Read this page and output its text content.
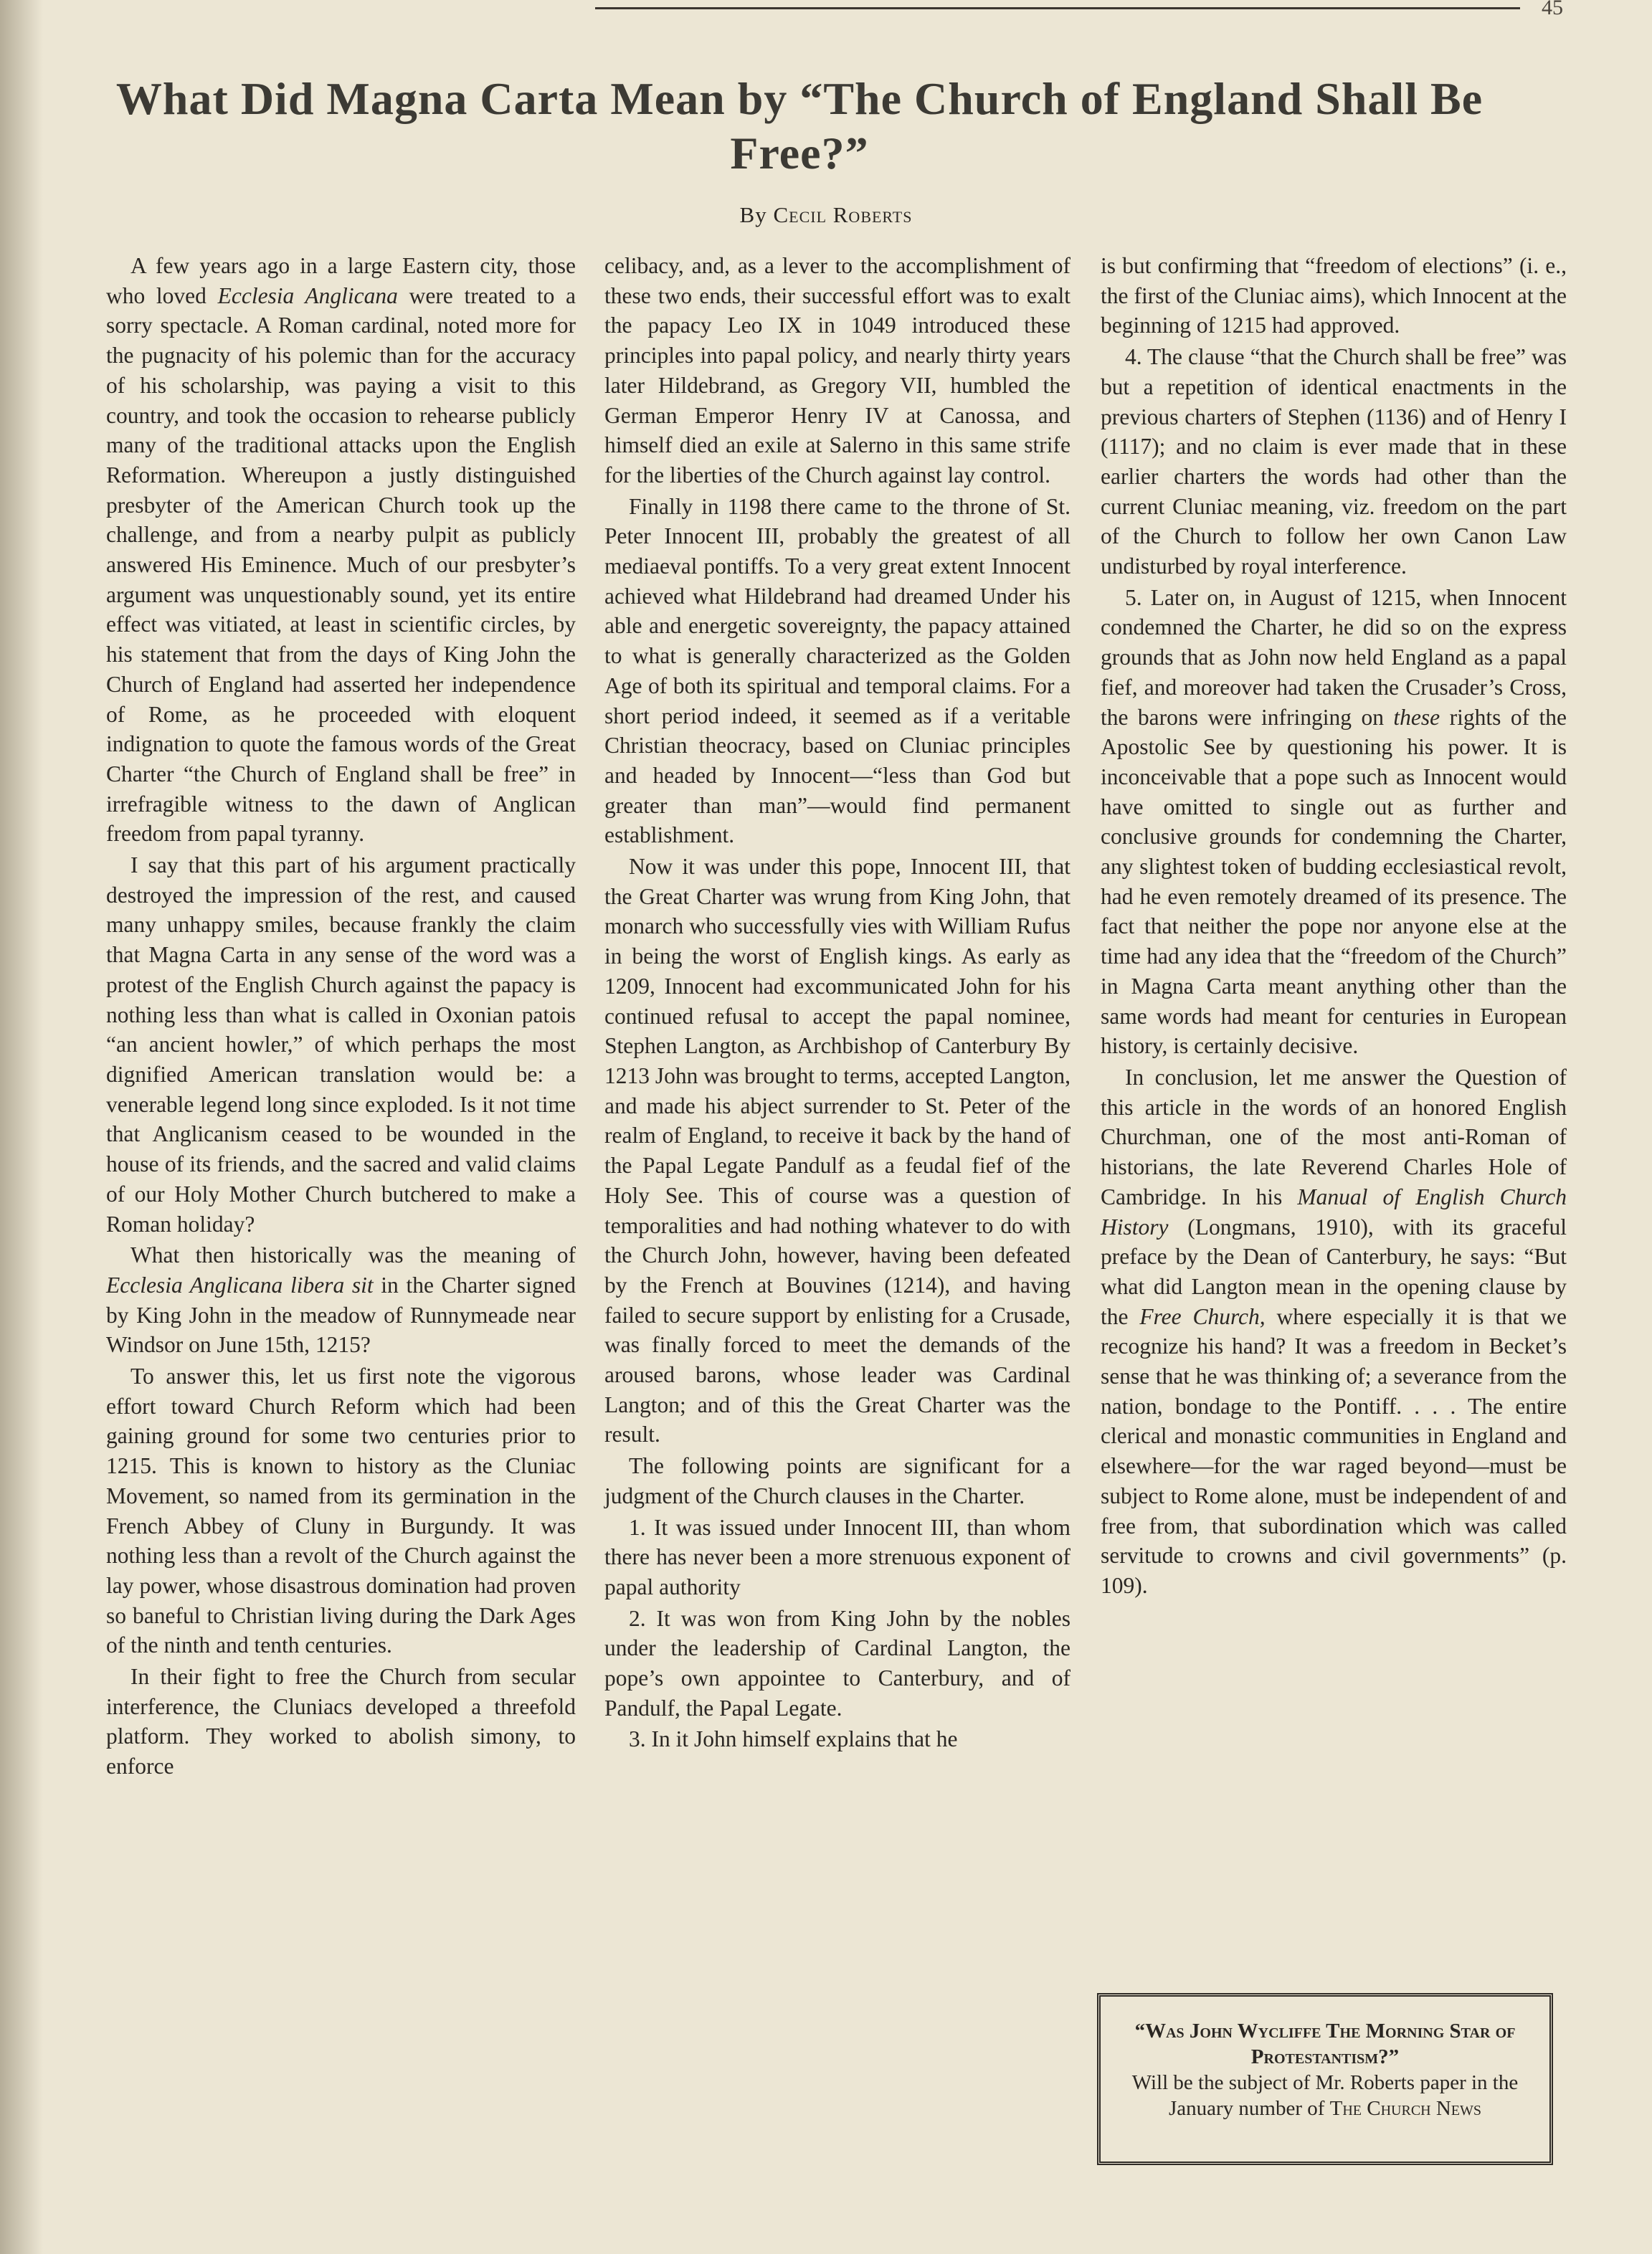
45
What Did Magna Carta Mean by “The Church of England Shall Be Free?”
By Cecil Roberts

A few years ago in a large Eastern city, those who loved Ecclesia Anglicana were treated to a sorry spectacle. A Roman cardinal, noted more for the pugnacity of his polemic than for the accuracy of his scholarship, was paying a visit to this country, and took the occasion to rehearse publicly many of the traditional attacks upon the English Reformation. Whereupon a justly distinguished presbyter of the American Church took up the challenge, and from a nearby pulpit as publicly answered His Eminence. Much of our presbyter’s argument was unquestionably sound, yet its entire effect was vitiated, at least in scientific circles, by his statement that from the days of King John the Church of England had asserted her independence of Rome, as he proceeded with eloquent indignation to quote the famous words of the Great Charter “the Church of England shall be free” in irrefragible witness to the dawn of Anglican freedom from papal tyranny.

I say that this part of his argument practically destroyed the impression of the rest, and caused many unhappy smiles, because frankly the claim that Magna Carta in any sense of the word was a protest of the English Church against the papacy is nothing less than what is called in Oxonian patois “an ancient howler,” of which perhaps the most dignified American translation would be: a venerable legend long since exploded. Is it not time that Anglicanism ceased to be wounded in the house of its friends, and the sacred and valid claims of our Holy Mother Church butchered to make a Roman holiday?

What then historically was the meaning of Ecclesia Anglicana libera sit in the Charter signed by King John in the meadow of Runnymeade near Windsor on June 15th, 1215?

To answer this, let us first note the vigorous effort toward Church Reform which had been gaining ground for some two centuries prior to 1215. This is known to history as the Cluniac Movement, so named from its germination in the French Abbey of Cluny in Burgundy. It was nothing less than a revolt of the Church against the lay power, whose disastrous domination had proven so baneful to Christian living during the Dark Ages of the ninth and tenth centuries.

In their fight to free the Church from secular interference, the Cluniacs developed a threefold platform. They worked to abolish simony, to enforce

celibacy, and, as a lever to the accomplishment of these two ends, their successful effort was to exalt the papacy Leo IX in 1049 introduced these principles into papal policy, and nearly thirty years later Hildebrand, as Gregory VII, humbled the German Emperor Henry IV at Canossa, and himself died an exile at Salerno in this same strife for the liberties of the Church against lay control.

Finally in 1198 there came to the throne of St. Peter Innocent III, probably the greatest of all mediaeval pontiffs. To a very great extent Innocent achieved what Hildebrand had dreamed Under his able and energetic sovereignty, the papacy attained to what is generally characterized as the Golden Age of both its spiritual and temporal claims. For a short period indeed, it seemed as if a veritable Christian theocracy, based on Cluniac principles and headed by Innocent—“less than God but greater than man”—would find permanent establishment.

Now it was under this pope, Innocent III, that the Great Charter was wrung from King John, that monarch who successfully vies with William Rufus in being the worst of English kings. As early as 1209, Innocent had excommunicated John for his continued refusal to accept the papal nominee, Stephen Langton, as Archbishop of Canterbury By 1213 John was brought to terms, accepted Langton, and made his abject surrender to St. Peter of the realm of England, to receive it back by the hand of the Papal Legate Pandulf as a feudal fief of the Holy See. This of course was a question of temporalities and had nothing whatever to do with the Church John, however, having been defeated by the French at Bouvines (1214), and having failed to secure support by enlisting for a Crusade, was finally forced to meet the demands of the aroused barons, whose leader was Cardinal Langton; and of this the Great Charter was the result.

The following points are significant for a judgment of the Church clauses in the Charter.

1. It was issued under Innocent III, than whom there has never been a more strenuous exponent of papal authority

2. It was won from King John by the nobles under the leadership of Cardinal Langton, the pope’s own appointee to Canterbury, and of Pandulf, the Papal Legate.

3. In it John himself explains that he

is but confirming that “freedom of elections” (i. e., the first of the Cluniac aims), which Innocent at the beginning of 1215 had approved.

4. The clause “that the Church shall be free” was but a repetition of identical enactments in the previous charters of Stephen (1136) and of Henry I (1117); and no claim is ever made that in these earlier charters the words had other than the current Cluniac meaning, viz. freedom on the part of the Church to follow her own Canon Law undisturbed by royal interference.

5. Later on, in August of 1215, when Innocent condemned the Charter, he did so on the express grounds that as John now held England as a papal fief, and moreover had taken the Crusader’s Cross, the barons were infringing on these rights of the Apostolic See by questioning his power. It is inconceivable that a pope such as Innocent would have omitted to single out as further and conclusive grounds for condemning the Charter, any slightest token of budding ecclesiastical revolt, had he even remotely dreamed of its presence. The fact that neither the pope nor anyone else at the time had any idea that the “freedom of the Church” in Magna Carta meant anything other than the same words had meant for centuries in European history, is certainly decisive.

In conclusion, let me answer the Question of this article in the words of an honored English Churchman, one of the most anti-Roman of historians, the late Reverend Charles Hole of Cambridge. In his Manual of English Church History (Longmans, 1910), with its graceful preface by the Dean of Canterbury, he says: “But what did Langton mean in the opening clause by the Free Church, where especially it is that we recognize his hand? It was a freedom in Becket’s sense that he was thinking of; a severance from the nation, bondage to the Pontiff. . . . The entire clerical and monastic communities in England and elsewhere—for the war raged beyond—must be subject to Rome alone, must be independent of and free from, that subordination which was called servitude to crowns and civil governments” (p. 109).

“Was John Wycliffe The Morning Star of Protestantism?”
Will be the subject of Mr. Roberts paper in the January number of The Church News
